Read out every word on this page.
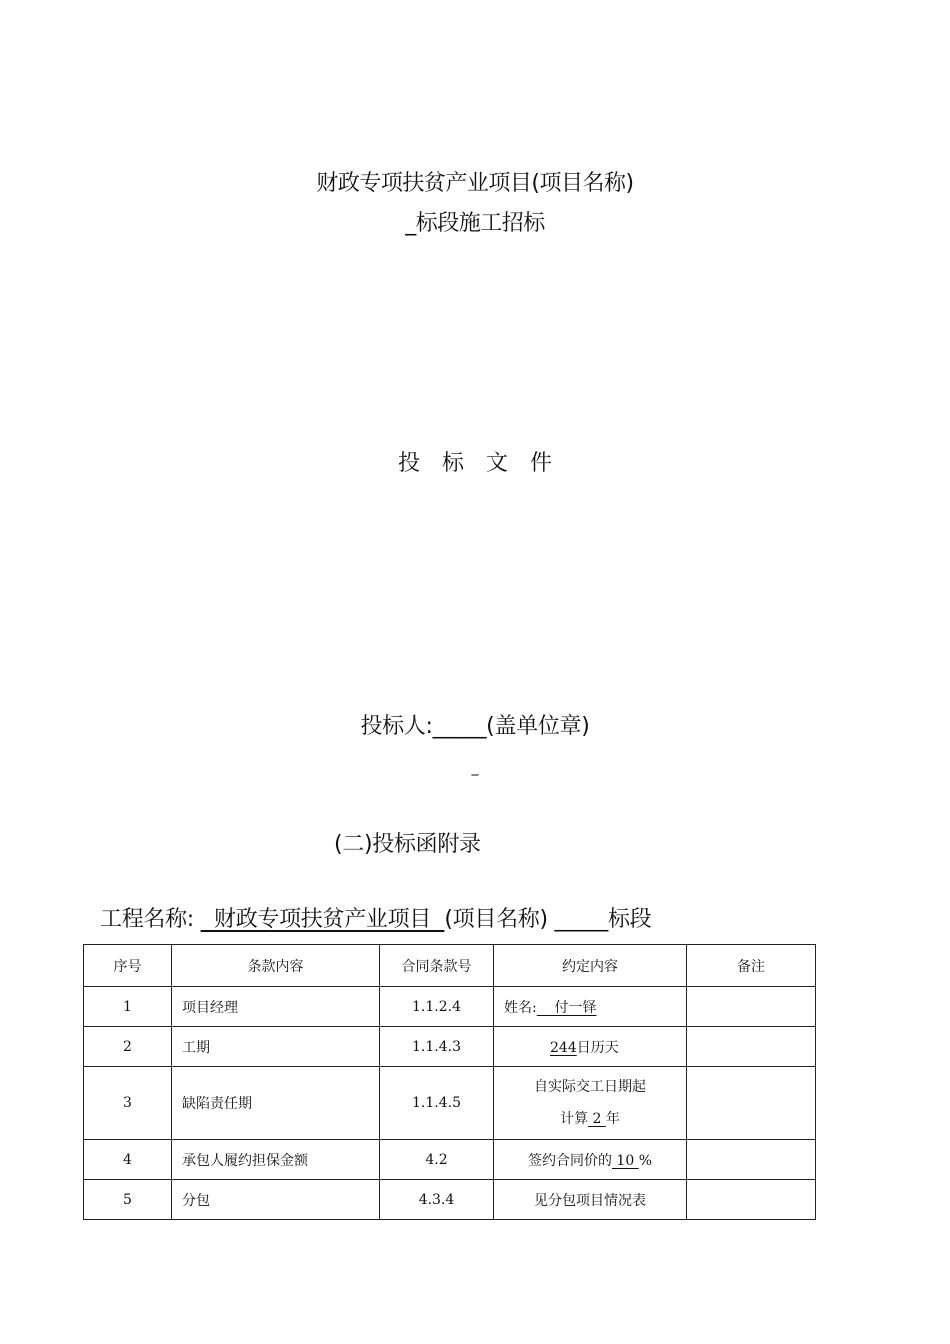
财政专项扶贫产业项目(项目名称)
_标段施工招标
投标文件
投标人:_____(盖单位章)
_
(二)投标函附录
工程名称:   财政专项扶贫产业项目  (项目名称) _____标段
序号	条款内容	合同条款号	约定内容	备注
1	项目经理	1.1.2.4	姓名:    付一铎	
2	工期	1.1.4.3	244日历天	
3	缺陷责任期	1.1.4.5	自实际交工日期起
计算 2 年	

4	承包人履约担保金额	4.2	签约合同价的 10 %	
5	分包	4.3.4	见分包项目情况表	
